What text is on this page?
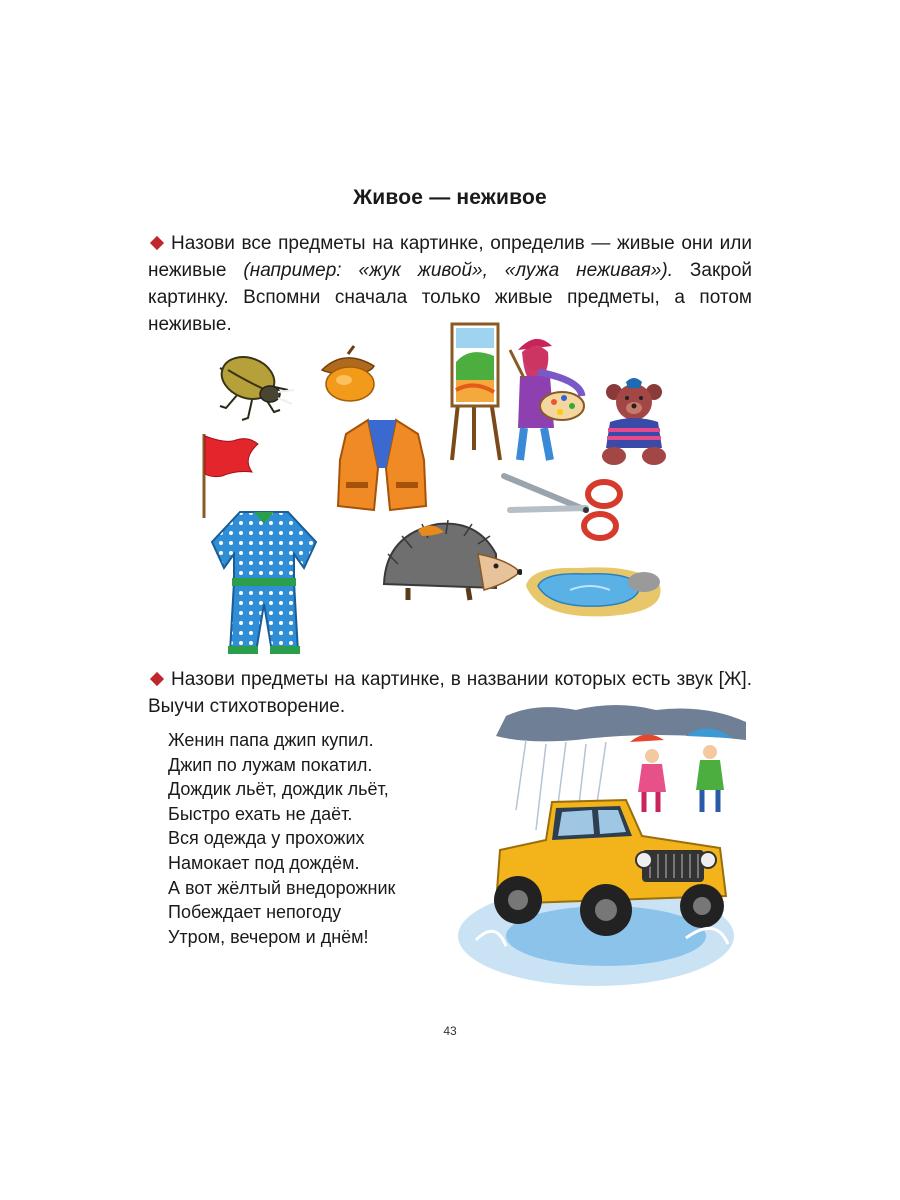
Живое — неживое
Назови все предметы на картинке, определив — живые они или неживые (например: «жук живой», «лужа неживая»). Закрой картинку. Вспомни сначала только живые предметы, а потом неживые.
Назови предметы на картинке, в названии которых есть звук [Ж]. Выучи стихотворение.
Женин папа джип купил.
Джип по лужам покатил.
Дождик льёт, дождик льёт,
Быстро ехать не даёт.
Вся одежда у прохожих
Намокает под дождём.
А вот жёлтый внедорожник
Побеждает непогоду
Утром, вечером и днём!
43
